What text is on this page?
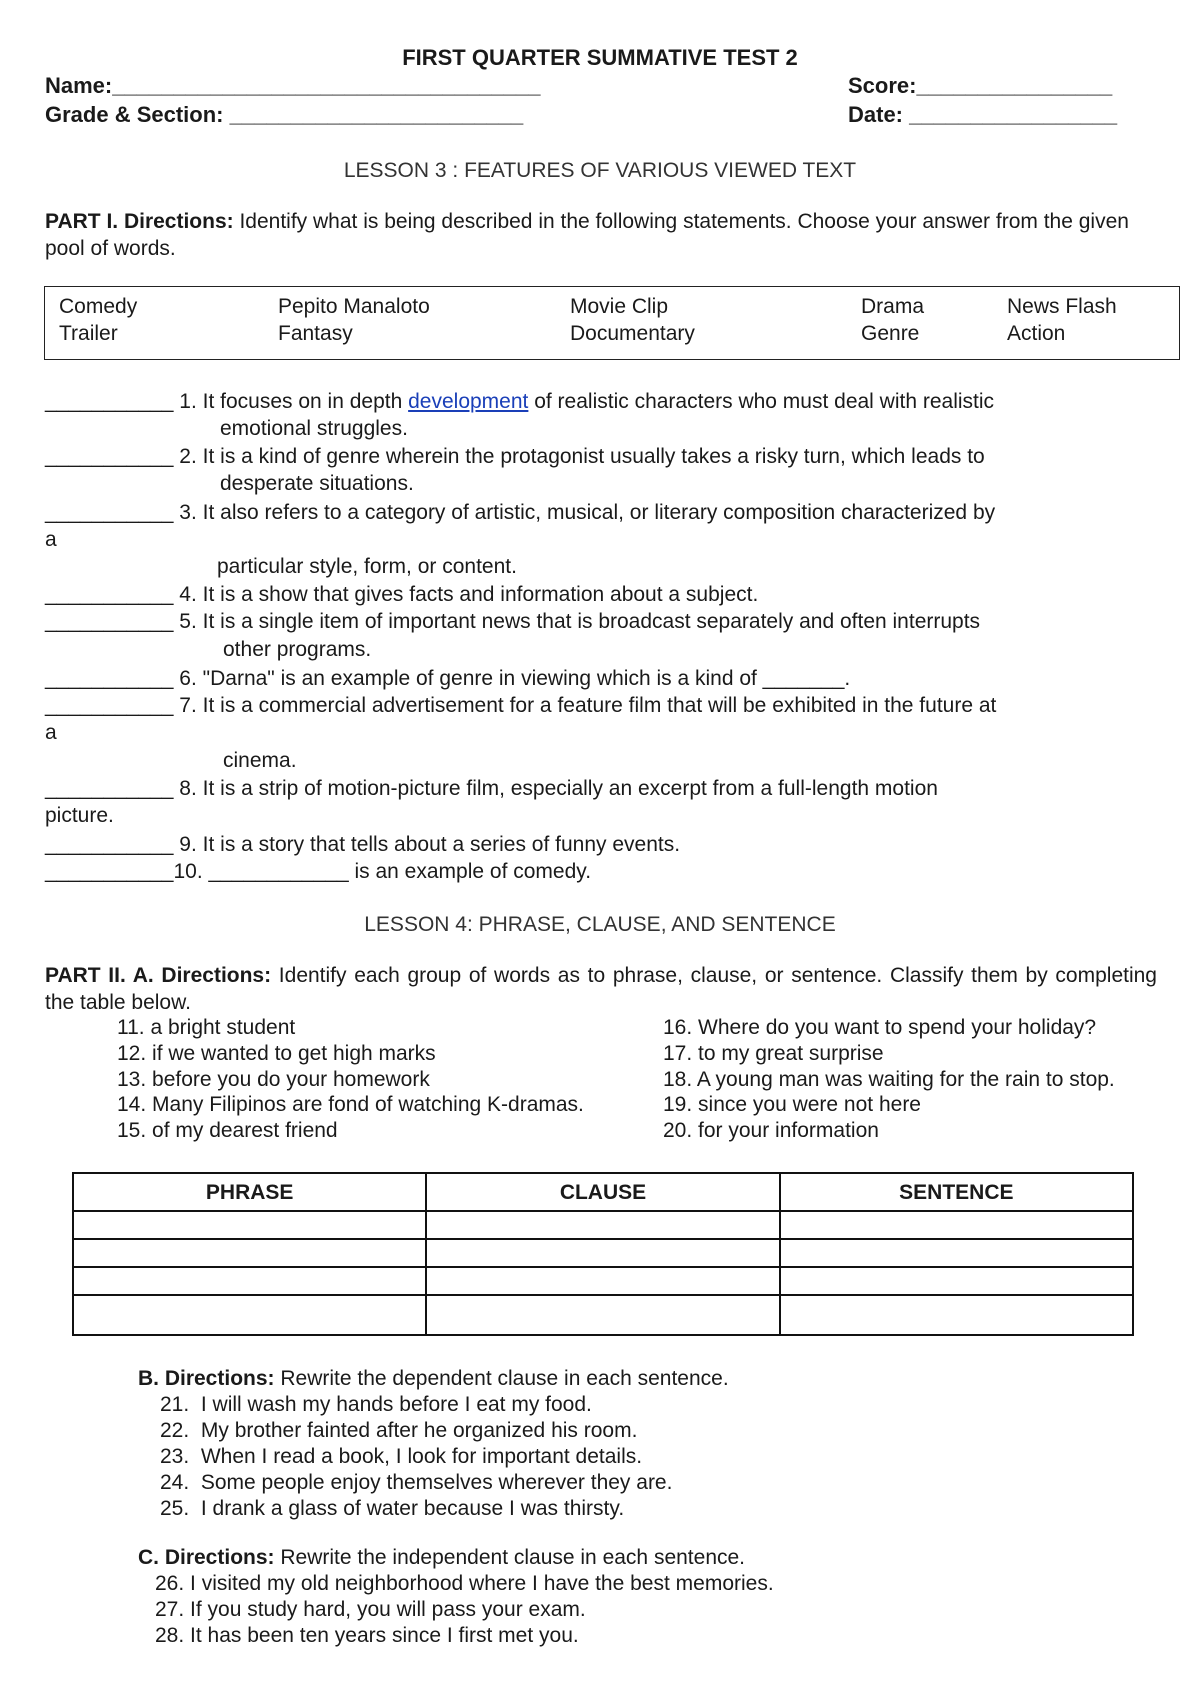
FIRST QUARTER SUMMATIVE TEST 2
Name:___________________________________	Score:________________
Grade & Section: ________________________	Date: _________________
LESSON 3 : FEATURES OF VARIOUS VIEWED TEXT
PART I. Directions: Identify what is being described in the following statements. Choose your answer from the given pool of words.
Comedy	Pepito Manaloto	Movie Clip	Drama	News Flash
Trailer	Fantasy	Documentary	Genre	Action
___________ 1. It focuses on in depth development of realistic characters who must deal with realistic
emotional struggles.
___________ 2. It is a kind of genre wherein the protagonist usually takes a risky turn, which leads to
desperate situations.
___________ 3. It also refers to a category of artistic, musical, or literary composition characterized by
a
particular style, form, or content.
___________ 4. It is a show that gives facts and information about a subject.
___________ 5. It is a single item of important news that is broadcast separately and often interrupts
other programs.
___________ 6. "Darna" is an example of genre in viewing which is a kind of _______.
___________ 7. It is a commercial advertisement for a feature film that will be exhibited in the future at
a
cinema.
___________ 8. It is a strip of motion-picture film, especially an excerpt from a full-length motion
picture.
___________ 9. It is a story that tells about a series of funny events.
___________10. ____________ is an example of comedy.
LESSON 4: PHRASE, CLAUSE, AND SENTENCE
PART II. A. Directions: Identify each group of words as to phrase, clause, or sentence. Classify them by completing the table below.
11. a bright student
12. if we wanted to get high marks
13. before you do your homework
14. Many Filipinos are fond of watching K-dramas.
15. of my dearest friend
16. Where do you want to spend your holiday?
17. to my great surprise
18. A young man was waiting for the rain to stop.
19. since you were not here
20. for your information
PHRASE	CLAUSE	SENTENCE

B. Directions: Rewrite the dependent clause in each sentence.
21.  I will wash my hands before I eat my food.
22.  My brother fainted after he organized his room.
23.  When I read a book, I look for important details.
24.  Some people enjoy themselves wherever they are.
25.  I drank a glass of water because I was thirsty.
C. Directions: Rewrite the independent clause in each sentence.
26. I visited my old neighborhood where I have the best memories.
27. If you study hard, you will pass your exam.
28. It has been ten years since I first met you.
